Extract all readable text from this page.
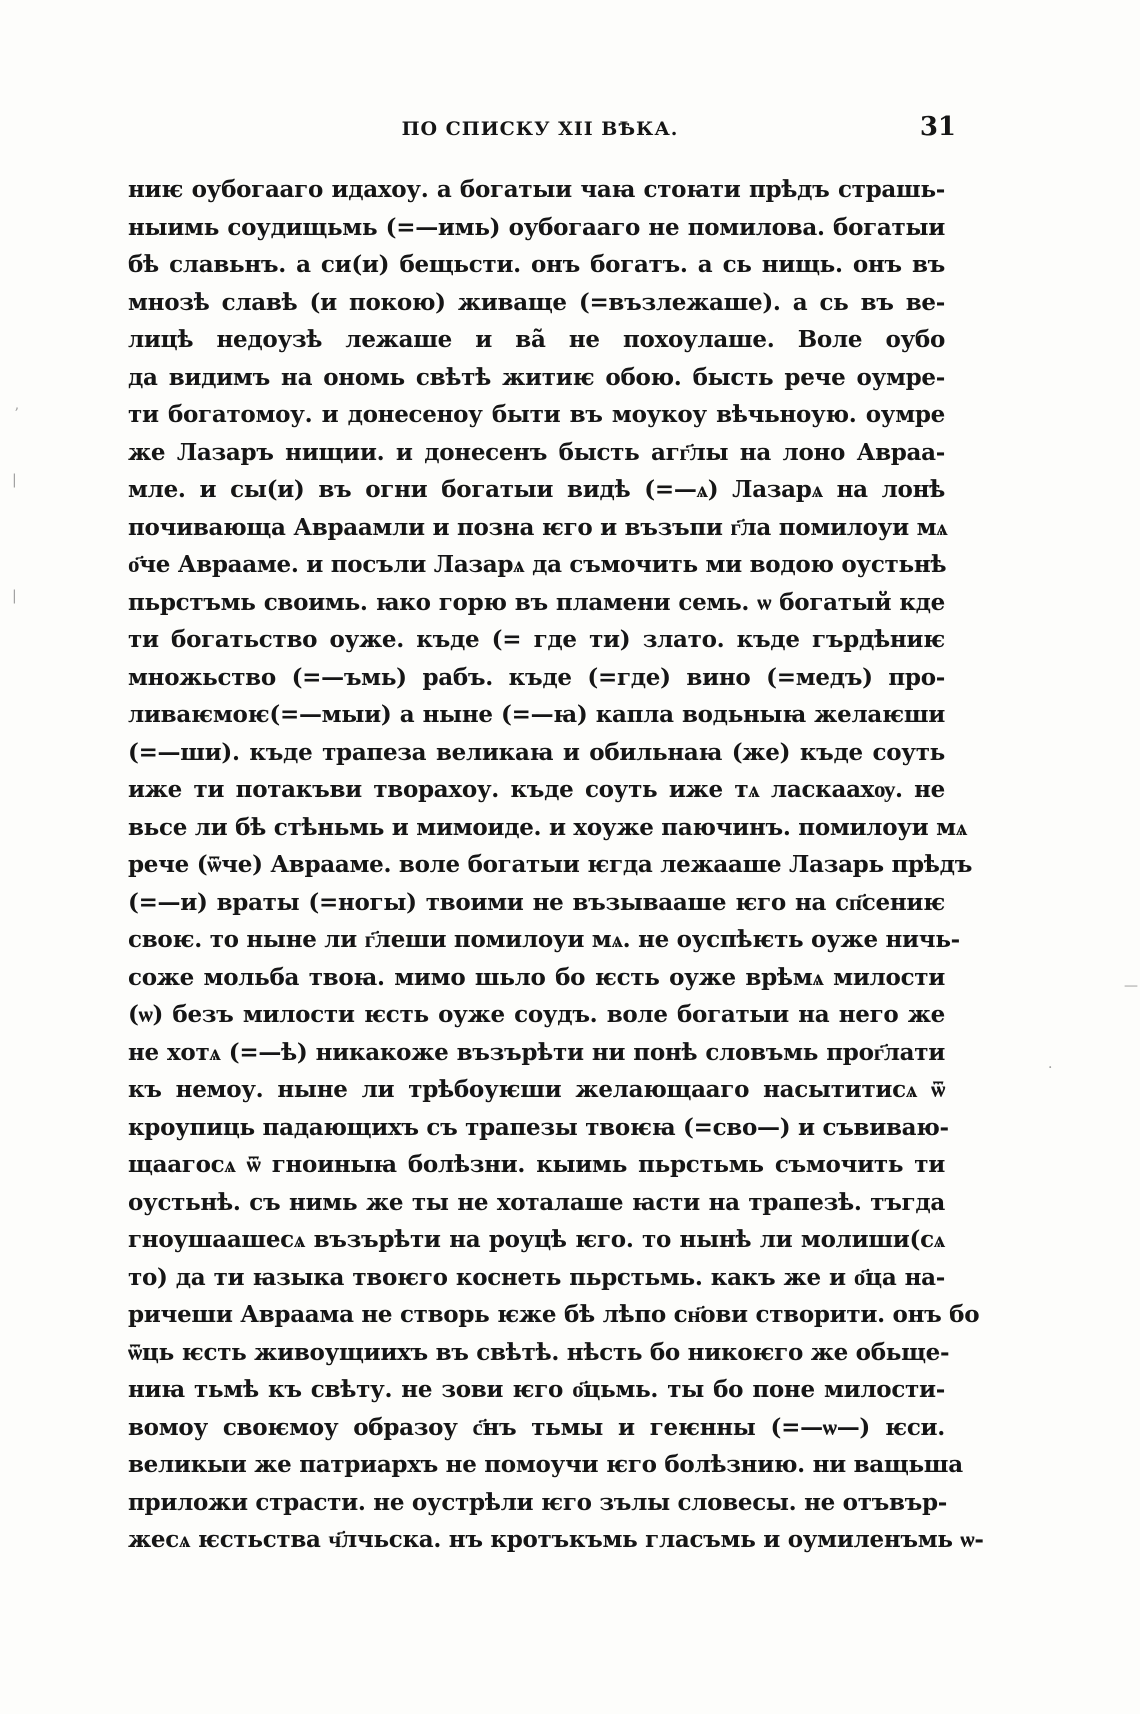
ПО СПИСКУ XII ВѢКА.	31
ниѥ оубогааго идахоу. а богатыи чаꙗ стоꙗти прѣдъ страшь-
ныимь соудищьмь (=—имь) оубогааго не помилова. богатыи
бѣ славьнъ. а си(и) бещьсти. онъ богатъ. а сь нищь. онъ въ
мнозѣ славѣ (и покою) живаще (=възлежаше). а сь въ ве-
лицѣ недоузѣ лежаше и ва̃ не похоулаше. Воле оубо
да видимъ на ономь свѣтѣ житиѥ обою. бысть рече оумре-
ти богатомоу. и донесеноу быти въ моукоу вѣчьноую. оумре
же Лазаръ нищии. и донесенъ бысть агг҃лы на лоно Авраа-
мле. и сы(и) въ огни богатыи видѣ (=—ѧ) Лазарѧ на лонѣ
почивающа Авраамли и позна ѥго и възъпи г҃ла помилоуи мѧ
о҃че Аврааме. и посъли Лазарѧ да съмочить ми водою оустьнѣ
пьрстъмь своимь. ꙗко горю въ пламени семь. ѡ богатый кде
ти богатьство оуже. къде (= где ти) злато. къде гърдѣниѥ
множьство (=—ъмь) рабъ. къде (=где) вино (=медъ) про-
ливаѥмоѥ(=—мыи) а ныне (=—ꙗ) капла водьныꙗ желаѥши
(=—ши). къде трапеза великаꙗ и обильнаꙗ (же) къде соуть
иже ти потакъви творахоу. къде соуть иже тѧ ласкаахѹ. не
вьсе ли бѣ стѣньмь и мимоиде. и хоуже паючинъ. помилоуи мѧ
рече (ѿче) Аврааме. воле богатыи ѥгда лежааше Лазарь прѣдъ
(=—и) враты (=ногы) твоими не възываашe ѥго на сп҃сениѥ
своѥ. то ныне ли г҃леши помилоуи мѧ. не оуспѣѥть оуже ничь-
соже мольба твоꙗ. мимо шьло бо ѥсть оуже врѣмѧ милости
(ѡ) безъ милости ѥсть оуже соудъ. воле богатыи на него же
не хотѧ (=—ѣ) никакоже възърѣти ни понѣ словъмь прог҃лати
къ немоу. ныне ли трѣбоуѥши желающааго насытитисѧ ѿ
кроупиць падающихъ съ трапезы твоѥꙗ (=сво—) и съвиваю-
щаагосѧ ѿ гноиныꙗ болѣзни. кыимь пьрстьмь съмочить ти
оустьнѣ. съ нимь же ты не хоталаше ꙗсти на трапезѣ. тъгда
гноушаашесѧ възърѣти на роуцѣ ѥго. то нынѣ ли молиши(сѧ
то) да ти ꙗзыка твоѥго коснеть пьрстьмь. какъ же и о҃ца на-
ричеши Авраама не створь ѥже бѣ лѣпо сн҃ови створити. онъ бо
ѿць ѥсть живоущиихъ въ свѣтѣ. нѣсть бо никоѥго же обьще-
ниꙗ тьмѣ къ свѣту. не зови ѥго о҃цьмь. ты бо поне милости-
вомоу своѥмоу образоу с҃нъ тьмы и геѥнны (=—ѡ—) ѥси.
великыи же патриархъ не помоучи ѥго болѣзнию. ни ващьша
приложи страсти. не оустрѣли ѥго зълы словесы. не отъвър-
жесѧ ѥстьства ч҃лчьска. нъ кротъкъмь гласъмь и оумиленъмь ѡ-
ʼ
|
|
—
·
